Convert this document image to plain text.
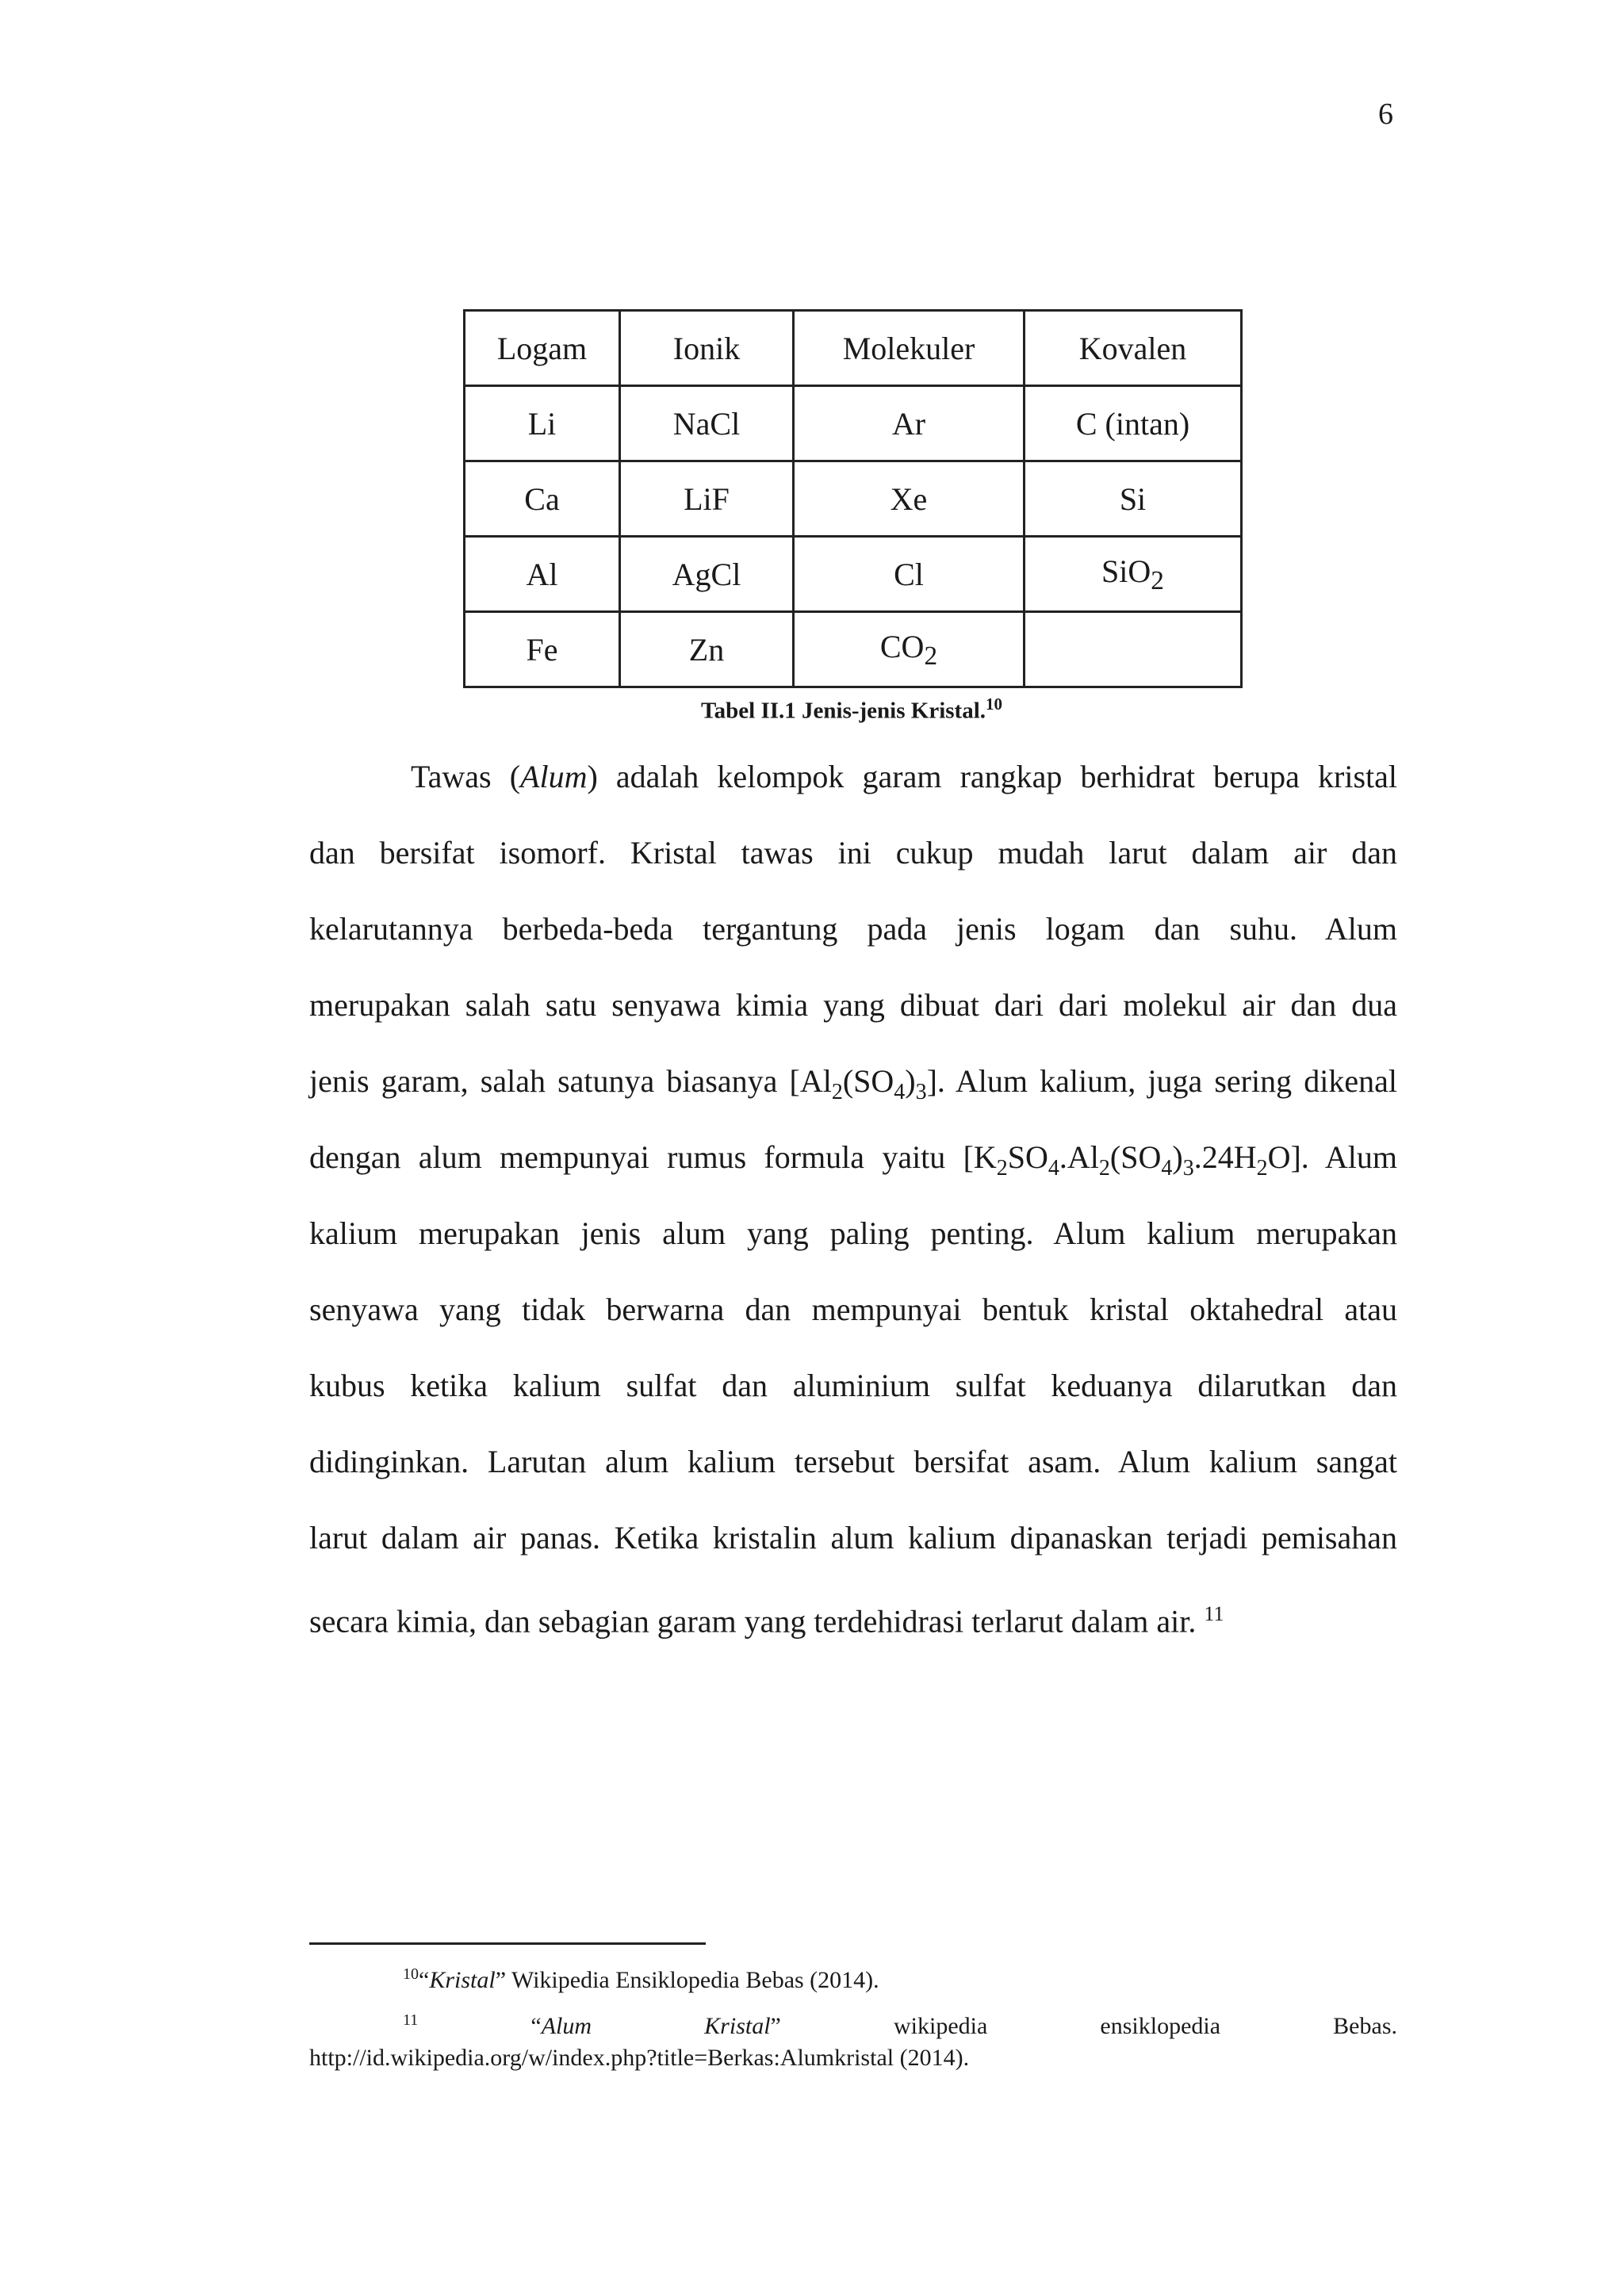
6
Logam	Ionik	Molekuler	Kovalen
Li	NaCl	Ar	C (intan)
Ca	LiF	Xe	Si
Al	AgCl	Cl	SiO$_2$
Fe	Zn	$CO_2$	
Tabel II.1 Jenis-jenis Kristal.$^{10}$
Tawas (Alum) adalah kelompok garam rangkap berhidrat berupa kristal
dan bersifat isomorf. Kristal tawas ini cukup mudah larut dalam air dan
kelarutannya berbeda-beda tergantung pada jenis logam dan suhu. Alum
merupakan salah satu senyawa kimia yang dibuat dari dari molekul air dan dua
jenis garam, salah satunya biasanya $[Al_2(SO_4)_3]$. Alum kalium, juga sering dikenal
dengan alum mempunyai rumus formula yaitu $[K_2SO_4.Al_2(SO_4)_3.24H_2O]$. Alum
kalium merupakan jenis alum yang paling penting. Alum kalium merupakan
senyawa yang tidak berwarna dan mempunyai bentuk kristal oktahedral atau
kubus ketika kalium sulfat dan aluminium sulfat keduanya dilarutkan dan
didinginkan. Larutan alum kalium tersebut bersifat asam. Alum kalium sangat
larut dalam air panas. Ketika kristalin alum kalium dipanaskan terjadi pemisahan
secara kimia, dan sebagian garam yang terdehidrasi terlarut dalam air. $^{11}$
$^{10}$“Kristal” Wikipedia Ensiklopedia Bebas (2014).
$^{11}$ “Alum Kristal” wikipedia ensiklopedia Bebas.
http://id.wikipedia.org/w/index.php?title=Berkas:Alumkristal (2014).
